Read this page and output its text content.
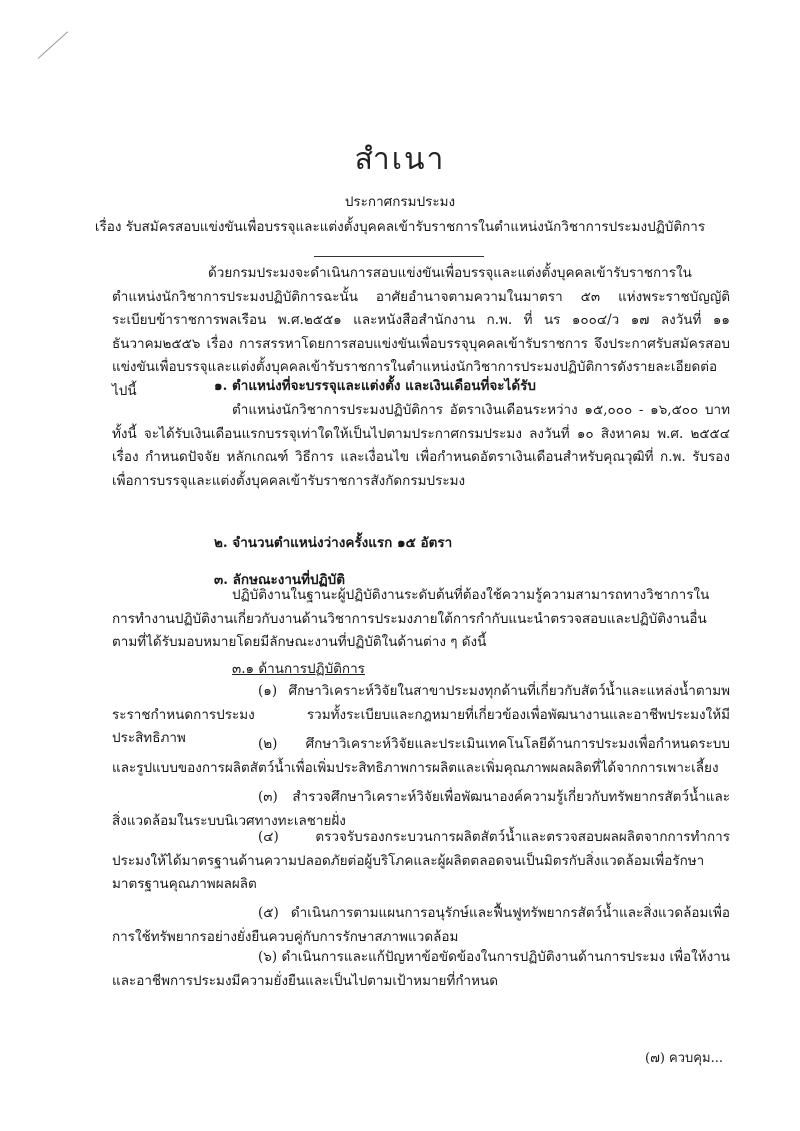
สำเนา
ประกาศกรมประมง
เรื่อง รับสมัครสอบแข่งขันเพื่อบรรจุและแต่งตั้งบุคคลเข้ารับราชการในตำแหน่งนักวิชาการประมงปฏิบัติการ
ด้วยกรมประมงจะดำเนินการสอบแข่งขันเพื่อบรรจุและแต่งตั้งบุคคลเข้ารับราชการในตำแหน่งนักวิชาการประมงปฏิบัติการฉะนั้น อาศัยอำนาจตามความในมาตรา ๕๓ แห่งพระราชบัญญัติระเบียบข้าราชการพลเรือน พ.ศ.๒๕๕๑ และหนังสือสำนักงาน ก.พ. ที่ นร ๑๐๐๔/ว ๑๗ ลงวันที่ ๑๑ ธันวาคม๒๕๕๖ เรื่อง การสรรหาโดยการสอบแข่งขันเพื่อบรรจุบุคคลเข้ารับราชการ จึงประกาศรับสมัครสอบแข่งขันเพื่อบรรจุและแต่งตั้งบุคคลเข้ารับราชการในตำแหน่งนักวิชาการประมงปฏิบัติการดังรายละเอียดต่อไปนี้	๑. ตำแหน่งที่จะบรรจุและแต่งตั้ง และเงินเดือนที่จะได้รับ
ตำแหน่งนักวิชาการประมงปฏิบัติการ อัตราเงินเดือนระหว่าง ๑๕,๐๐๐ - ๑๖,๕๐๐ บาท ทั้งนี้ จะได้รับเงินเดือนแรกบรรจุเท่าใดให้เป็นไปตามประกาศกรมประมง ลงวันที่ ๑๐ สิงหาคม พ.ศ. ๒๕๕๔ เรื่อง กำหนดปัจจัย หลักเกณฑ์ วิธีการ และเงื่อนไข เพื่อกำหนดอัตราเงินเดือนสำหรับคุณวุฒิที่ ก.พ. รับรองเพื่อการบรรจุและแต่งตั้งบุคคลเข้ารับราชการสังกัดกรมประมง
๒. จำนวนตำแหน่งว่างครั้งแรก ๑๕ อัตรา
๓. ลักษณะงานที่ปฏิบัติ
ปฏิบัติงานในฐานะผู้ปฏิบัติงานระดับต้นที่ต้องใช้ความรู้ความสามารถทางวิชาการในการทำงานปฏิบัติงานเกี่ยวกับงานด้านวิชาการประมงภายใต้การกำกับแนะนำตรวจสอบและปฏิบัติงานอื่นตามที่ได้รับมอบหมายโดยมีลักษณะงานที่ปฏิบัติในด้านต่าง ๆ ดังนี้
๓.๑ ด้านการปฏิบัติการ
(๑) ศึกษาวิเคราะห์วิจัยในสาขาประมงทุกด้านที่เกี่ยวกับสัตว์น้ำและแหล่งน้ำตามพระราชกำหนดการประมง รวมทั้งระเบียบและกฎหมายที่เกี่ยวข้องเพื่อพัฒนางานและอาชีพประมงให้มีประสิทธิภาพ	(๒) ศึกษาวิเคราะห์วิจัยและประเมินเทคโนโลยีด้านการประมงเพื่อกำหนดระบบและรูปแบบของการผลิตสัตว์น้ำเพื่อเพิ่มประสิทธิภาพการผลิตและเพิ่มคุณภาพผลผลิตที่ได้จากการเพาะเลี้ยง
(๓) สำรวจศึกษาวิเคราะห์วิจัยเพื่อพัฒนาองค์ความรู้เกี่ยวกับทรัพยากรสัตว์น้ำและสิ่งแวดล้อมในระบบนิเวศทางทะเลชายฝั่ง
(๔) ตรวจรับรองกระบวนการผลิตสัตว์น้ำและตรวจสอบผลผลิตจากการทำการประมงให้ได้มาตรฐานด้านความปลอดภัยต่อผู้บริโภคและผู้ผลิตตลอดจนเป็นมิตรกับสิ่งแวดล้อมเพื่อรักษามาตรฐานคุณภาพผลผลิต
(๕) ดำเนินการตามแผนการอนุรักษ์และฟื้นฟูทรัพยากรสัตว์น้ำและสิ่งแวดล้อมเพื่อการใช้ทรัพยากรอย่างยั่งยืนควบคู่กับการรักษาสภาพแวดล้อม
(๖) ดำเนินการและแก้ปัญหาข้อขัดข้องในการปฏิบัติงานด้านการประมง เพื่อให้งานและอาชีพการประมงมีความยั่งยืนและเป็นไปตามเป้าหมายที่กำหนด
(๗) ควบคุม...
